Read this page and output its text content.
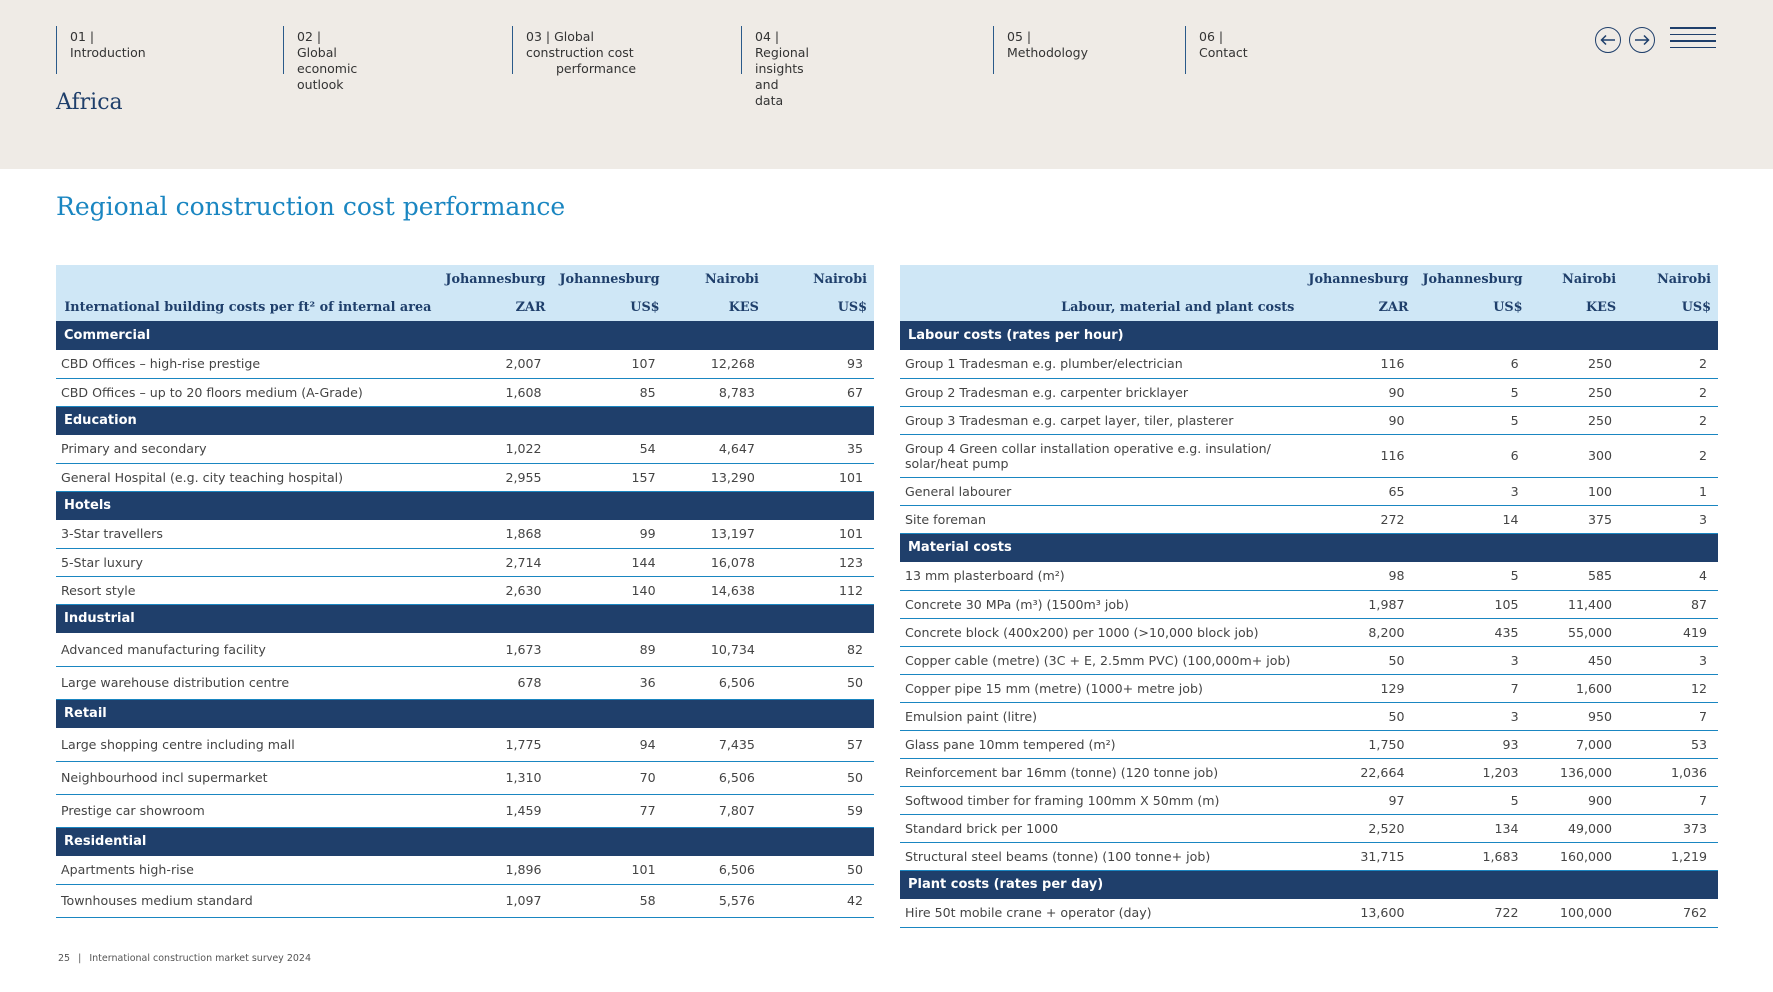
01 | Introduction
02 | Global economic outlook
03 | Global construction cost
performance
04 | Regional insights and data
05 | Methodology
06 | Contact
Africa
Regional construction cost performance
	Johannesburg	Johannesburg	Nairobi	Nairobi
International building costs per ft² of internal area	ZAR	US$	KES	US$
Commercial				
CBD Offices – high-rise prestige	2,007	107	12,268	93
CBD Offices – up to 20 floors medium (A-Grade)	1,608	85	8,783	67
Education				
Primary and secondary	1,022	54	4,647	35
General Hospital (e.g. city teaching hospital)	2,955	157	13,290	101
Hotels				
3-Star travellers	1,868	99	13,197	101
5-Star luxury	2,714	144	16,078	123
Resort style	2,630	140	14,638	112
Industrial				
Advanced manufacturing facility	1,673	89	10,734	82
Large warehouse distribution centre	678	36	6,506	50
Retail				
Large shopping centre including mall	1,775	94	7,435	57
Neighbourhood incl supermarket	1,310	70	6,506	50
Prestige car showroom	1,459	77	7,807	59
Residential				
Apartments high-rise	1,896	101	6,506	50
Townhouses medium standard	1,097	58	5,576	42
	Johannesburg	Johannesburg	Nairobi	Nairobi
Labour, material and plant costs	ZAR	US$	KES	US$
Labour costs (rates per hour)				
Group 1 Tradesman e.g. plumber/electrician	116	6	250	2
Group 2 Tradesman e.g. carpenter bricklayer	90	5	250	2
Group 3 Tradesman e.g. carpet layer, tiler, plasterer	90	5	250	2
Group 4 Green collar installation operative e.g. insulation/ solar/heat pump	116	6	300	2
General labourer	65	3	100	1
Site foreman	272	14	375	3
Material costs				
13 mm plasterboard (m²)	98	5	585	4
Concrete 30 MPa (m³) (1500m³ job)	1,987	105	11,400	87
Concrete block (400x200) per 1000 (>10,000 block job)	8,200	435	55,000	419
Copper cable (metre) (3C + E, 2.5mm PVC) (100,000m+ job)	50	3	450	3
Copper pipe 15 mm (metre) (1000+ metre job)	129	7	1,600	12
Emulsion paint (litre)	50	3	950	7
Glass pane 10mm tempered (m²)	1,750	93	7,000	53
Reinforcement bar 16mm (tonne) (120 tonne job)	22,664	1,203	136,000	1,036
Softwood timber for framing 100mm X 50mm (m)	97	5	900	7
Standard brick per 1000	2,520	134	49,000	373
Structural steel beams (tonne) (100 tonne+ job)	31,715	1,683	160,000	1,219
Plant costs (rates per day)				
Hire 50t mobile crane + operator (day)	13,600	722	100,000	762
25 | International construction market survey 2024
